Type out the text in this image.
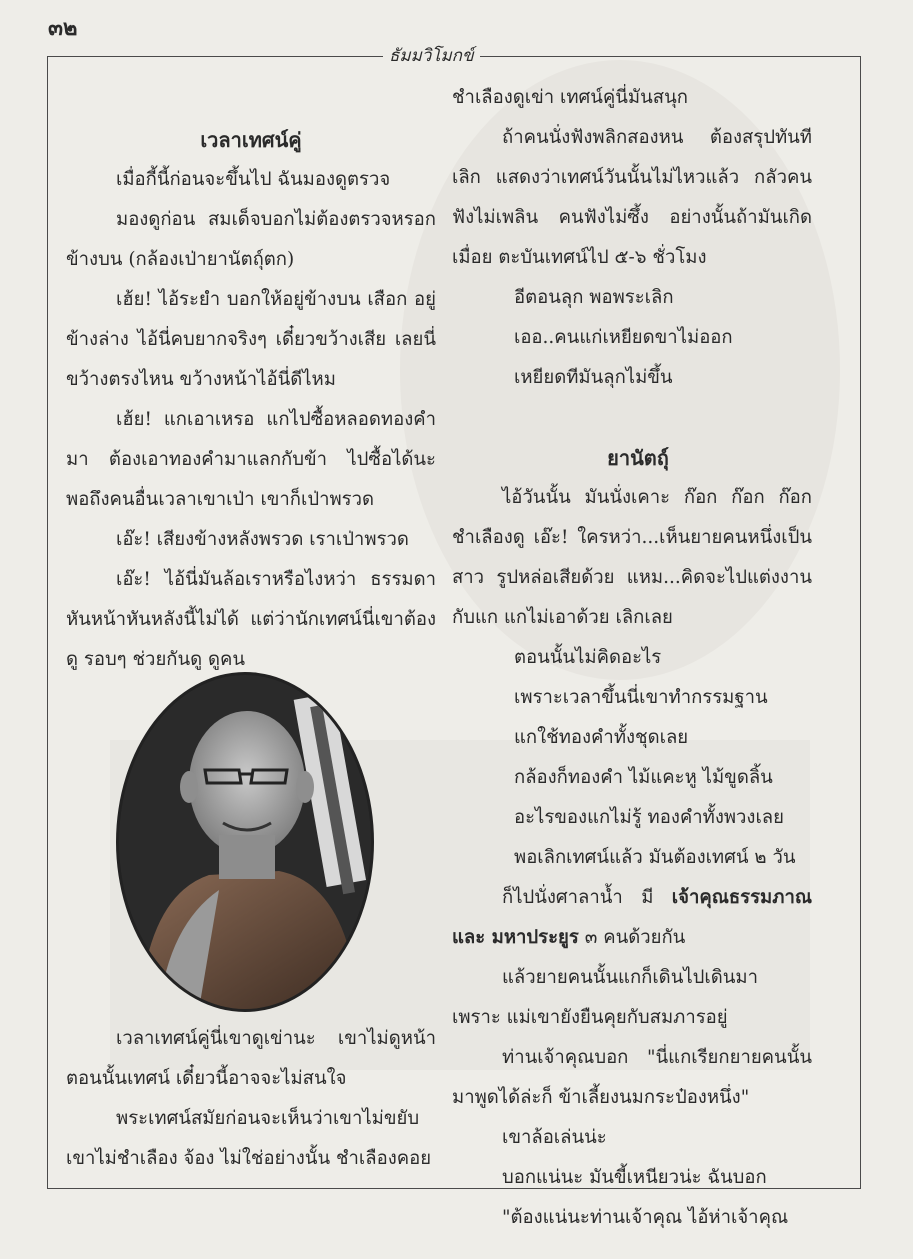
๓๒
ธัมมวิโมกข์
เวลาเทศน์คู่

เมื่อกี้นี้ก่อนจะขึ้นไป ฉันมองดูตรวจ

มองดูก่อน สมเด็จบอกไม่ต้องตรวจหรอก ข้างบน (กล้องเป่ายานัตถุ์ตก)

เฮ้ย! ไอ้ระยำ บอกให้อยู่ข้างบน เสือก อยู่ข้างล่าง ไอ้นี่คบยากจริงๆ เดี๋ยวขว้างเสีย เลยนี่ ขว้างตรงไหน ขว้างหน้าไอ้นี่ดีไหม

เฮ้ย! แกเอาเหรอ แกไปซื้อหลอดทองคำ มา ต้องเอาทองคำมาแลกกับข้า ไปซื้อได้นะ พอถึงคนอื่นเวลาเขาเป่า เขาก็เป่าพรวด

เอ๊ะ! เสียงข้างหลังพรวด เราเป่าพรวด

เอ๊ะ! ไอ้นี่มันล้อเราหรือไงหว่า ธรรมดา หันหน้าหันหลังนี้ไม่ได้ แต่ว่านักเทศน์นี่เขาต้องดู รอบๆ ช่วยกันดู ดูคน

เวลาเทศน์คู่นี่เขาดูเข่านะ เขาไม่ดูหน้า ตอนนั้นเทศน์ เดี๋ยวนี้อาจจะไม่สนใจ

พระเทศน์สมัยก่อนจะเห็นว่าเขาไม่ขยับ เขาไม่ชำเลือง จ้อง ไม่ใช่อย่างนั้น ชำเลืองคอย

ชำเลืองดูเข่า เทศน์คู่นี่มันสนุก

ถ้าคนนั่งฟังพลิกสองหน ต้องสรุปทันที เลิก แสดงว่าเทศน์วันนั้นไม่ไหวแล้ว กลัวคน ฟังไม่เพลิน คนฟังไม่ซึ้ง อย่างนั้นถ้ามันเกิด เมื่อย ตะบันเทศน์ไป ๕-๖ ชั่วโมง

อีตอนลุก พอพระเลิก

เออ..คนแก่เหยียดขาไม่ออก

เหยียดทีมันลุกไม่ขึ้น

ยานัตถุ์

ไอ้วันนั้น มันนั่งเคาะ ก๊อก ก๊อก ก๊อก ชำเลืองดู เอ๊ะ! ใครหว่า...เห็นยายคนหนึ่งเป็นสาว รูปหล่อเสียด้วย แหม...คิดจะไปแต่งงานกับแก แกไม่เอาด้วย เลิกเลย

ตอนนั้นไม่คิดอะไร

เพราะเวลาขึ้นนี่เขาทำกรรมฐาน

แกใช้ทองคำทั้งชุดเลย

กล้องก็ทองคำ ไม้แคะหู ไม้ขูดลิ้น

อะไรของแกไม่รู้ ทองคำทั้งพวงเลย

พอเลิกเทศน์แล้ว มันต้องเทศน์ ๒ วัน

ก็ไปนั่งศาลาน้ำ มี เจ้าคุณธรรมภาณและ มหาประยูร ๓ คนด้วยกัน

แล้วยายคนนั้นแกก็เดินไปเดินมา เพราะ แม่เขายังยืนคุยกับสมภารอยู่

ท่านเจ้าคุณบอก "นี่แกเรียกยายคนนั้น มาพูดได้ล่ะก็ ข้าเลี้ยงนมกระป๋องหนึ่ง"

เขาล้อเล่นน่ะ

บอกแน่นะ มันขี้เหนียวน่ะ ฉันบอก

"ต้องแน่นะท่านเจ้าคุณ ไอ้ห่าเจ้าคุณ
